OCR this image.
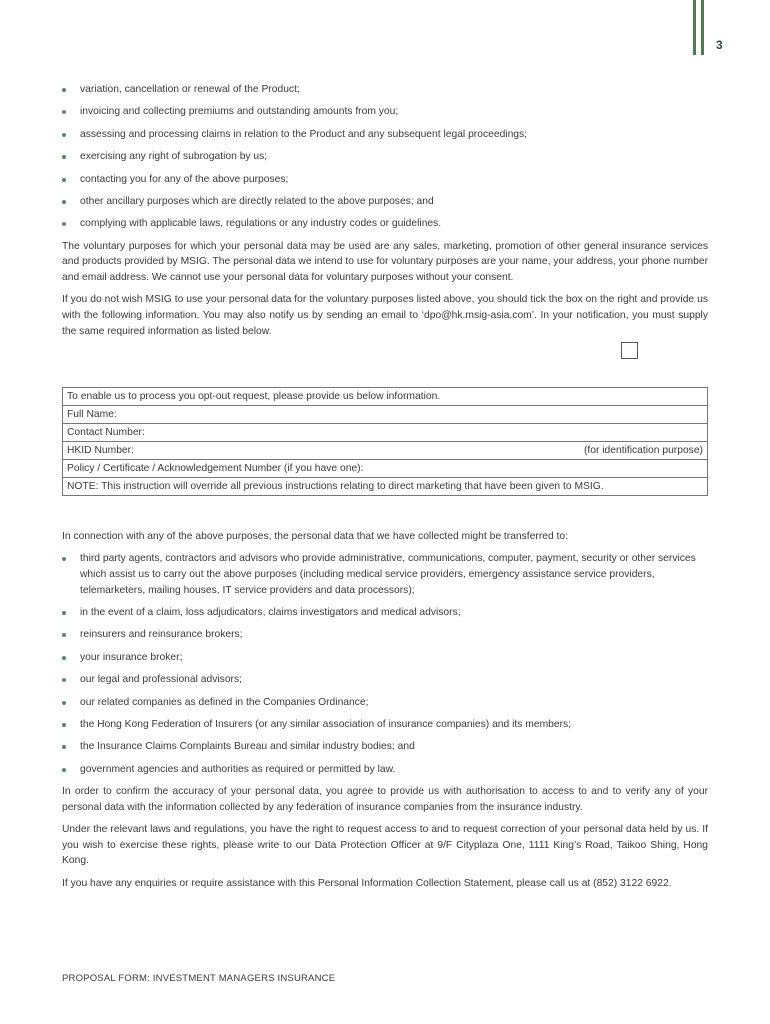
3
variation, cancellation or renewal of the Product;
invoicing and collecting premiums and outstanding amounts from you;
assessing and processing claims in relation to the Product and any subsequent legal proceedings;
exercising any right of subrogation by us;
contacting you for any of the above purposes;
other ancillary purposes which are directly related to the above purposes; and
complying with applicable laws, regulations or any industry codes or guidelines.

The voluntary purposes for which your personal data may be used are any sales, marketing, promotion of other general insurance services and products provided by MSIG. The personal data we intend to use for voluntary purposes are your name, your address, your phone number and email address. We cannot use your personal data for voluntary purposes without your consent.

If you do not wish MSIG to use your personal data for the voluntary purposes listed above, you should tick the box on the right and provide us with the following information. You may also notify us by sending an email to ‘dpo@hk.msig-asia.com’. In your notification, you must supply the same required information as listed below.

To enable us to process you opt-out request, please provide us below information.
Full Name:
Contact Number:

HKID Number:	(for identification purpose)

Policy / Certificate / Acknowledgement Number (if you have one):
NOTE: This instruction will override all previous instructions relating to direct marketing that have been given to MSIG.

In connection with any of the above purposes, the personal data that we have collected might be transferred to:

third party agents, contractors and advisors who provide administrative, communications, computer, payment, security or other services which assist us to carry out the above purposes (including medical service providers, emergency assistance service providers, telemarketers, mailing houses, IT service providers and data processors);
in the event of a claim, loss adjudicators, claims investigators and medical advisors;
reinsurers and reinsurance brokers;
your insurance broker;
our legal and professional advisors;
our related companies as defined in the Companies Ordinance;
the Hong Kong Federation of Insurers (or any similar association of insurance companies) and its members;
the Insurance Claims Complaints Bureau and similar industry bodies; and
government agencies and authorities as required or permitted by law.

In order to confirm the accuracy of your personal data, you agree to provide us with authorisation to access to and to verify any of your personal data with the information collected by any federation of insurance companies from the insurance industry.

Under the relevant laws and regulations, you have the right to request access to and to request correction of your personal data held by us. If you wish to exercise these rights, please write to our Data Protection Officer at 9/F Cityplaza One, 1111 King’s Road, Taikoo Shing, Hong Kong.

If you have any enquiries or require assistance with this Personal Information Collection Statement, please call us at (852) 3122 6922.

PROPOSAL FORM: INVESTMENT MANAGERS INSURANCE
